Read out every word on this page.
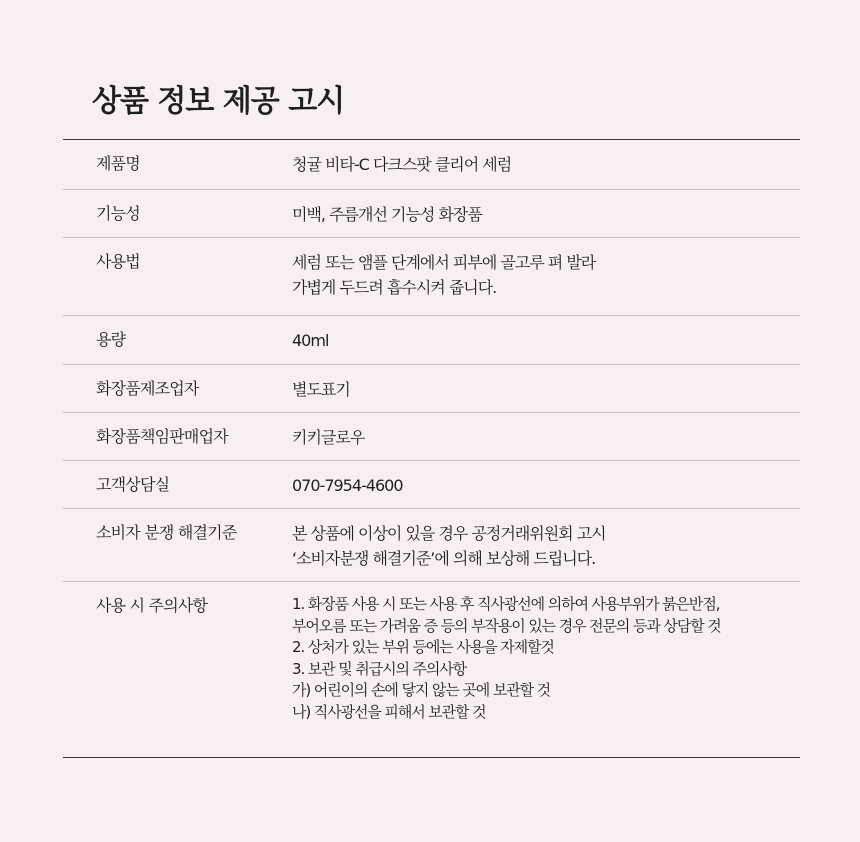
상품 정보 제공 고시
제품명	청귤 비타-C 다크스팟 클리어 세럼
기능성	미백, 주름개선 기능성 화장품
사용법	세럼 또는 앰플 단계에서 피부에 골고루 펴 발라
가볍게 두드려 흡수시켜 줍니다.
용량	40ml
화장품제조업자	별도표기
화장품책임판매업자	키키글로우
고객상담실	070-7954-4600
소비자 분쟁 해결기준	본 상품에 이상이 있을 경우 공정거래위원회 고시
‘소비자분쟁 해결기준’에 의해 보상해 드립니다.
사용 시 주의사항	1. 화장품 사용 시 또는 사용 후 직사광선에 의하여 사용부위가 붉은반점,
부어오름 또는 가려움 증 등의 부작용이 있는 경우 전문의 등과 상담할 것
2. 상처가 있는 부위 등에는 사용을 자제할것
3. 보관 및 취급시의 주의사항
가) 어린이의 손에 닿지 않는 곳에 보관할 것
나) 직사광선을 피해서 보관할 것
